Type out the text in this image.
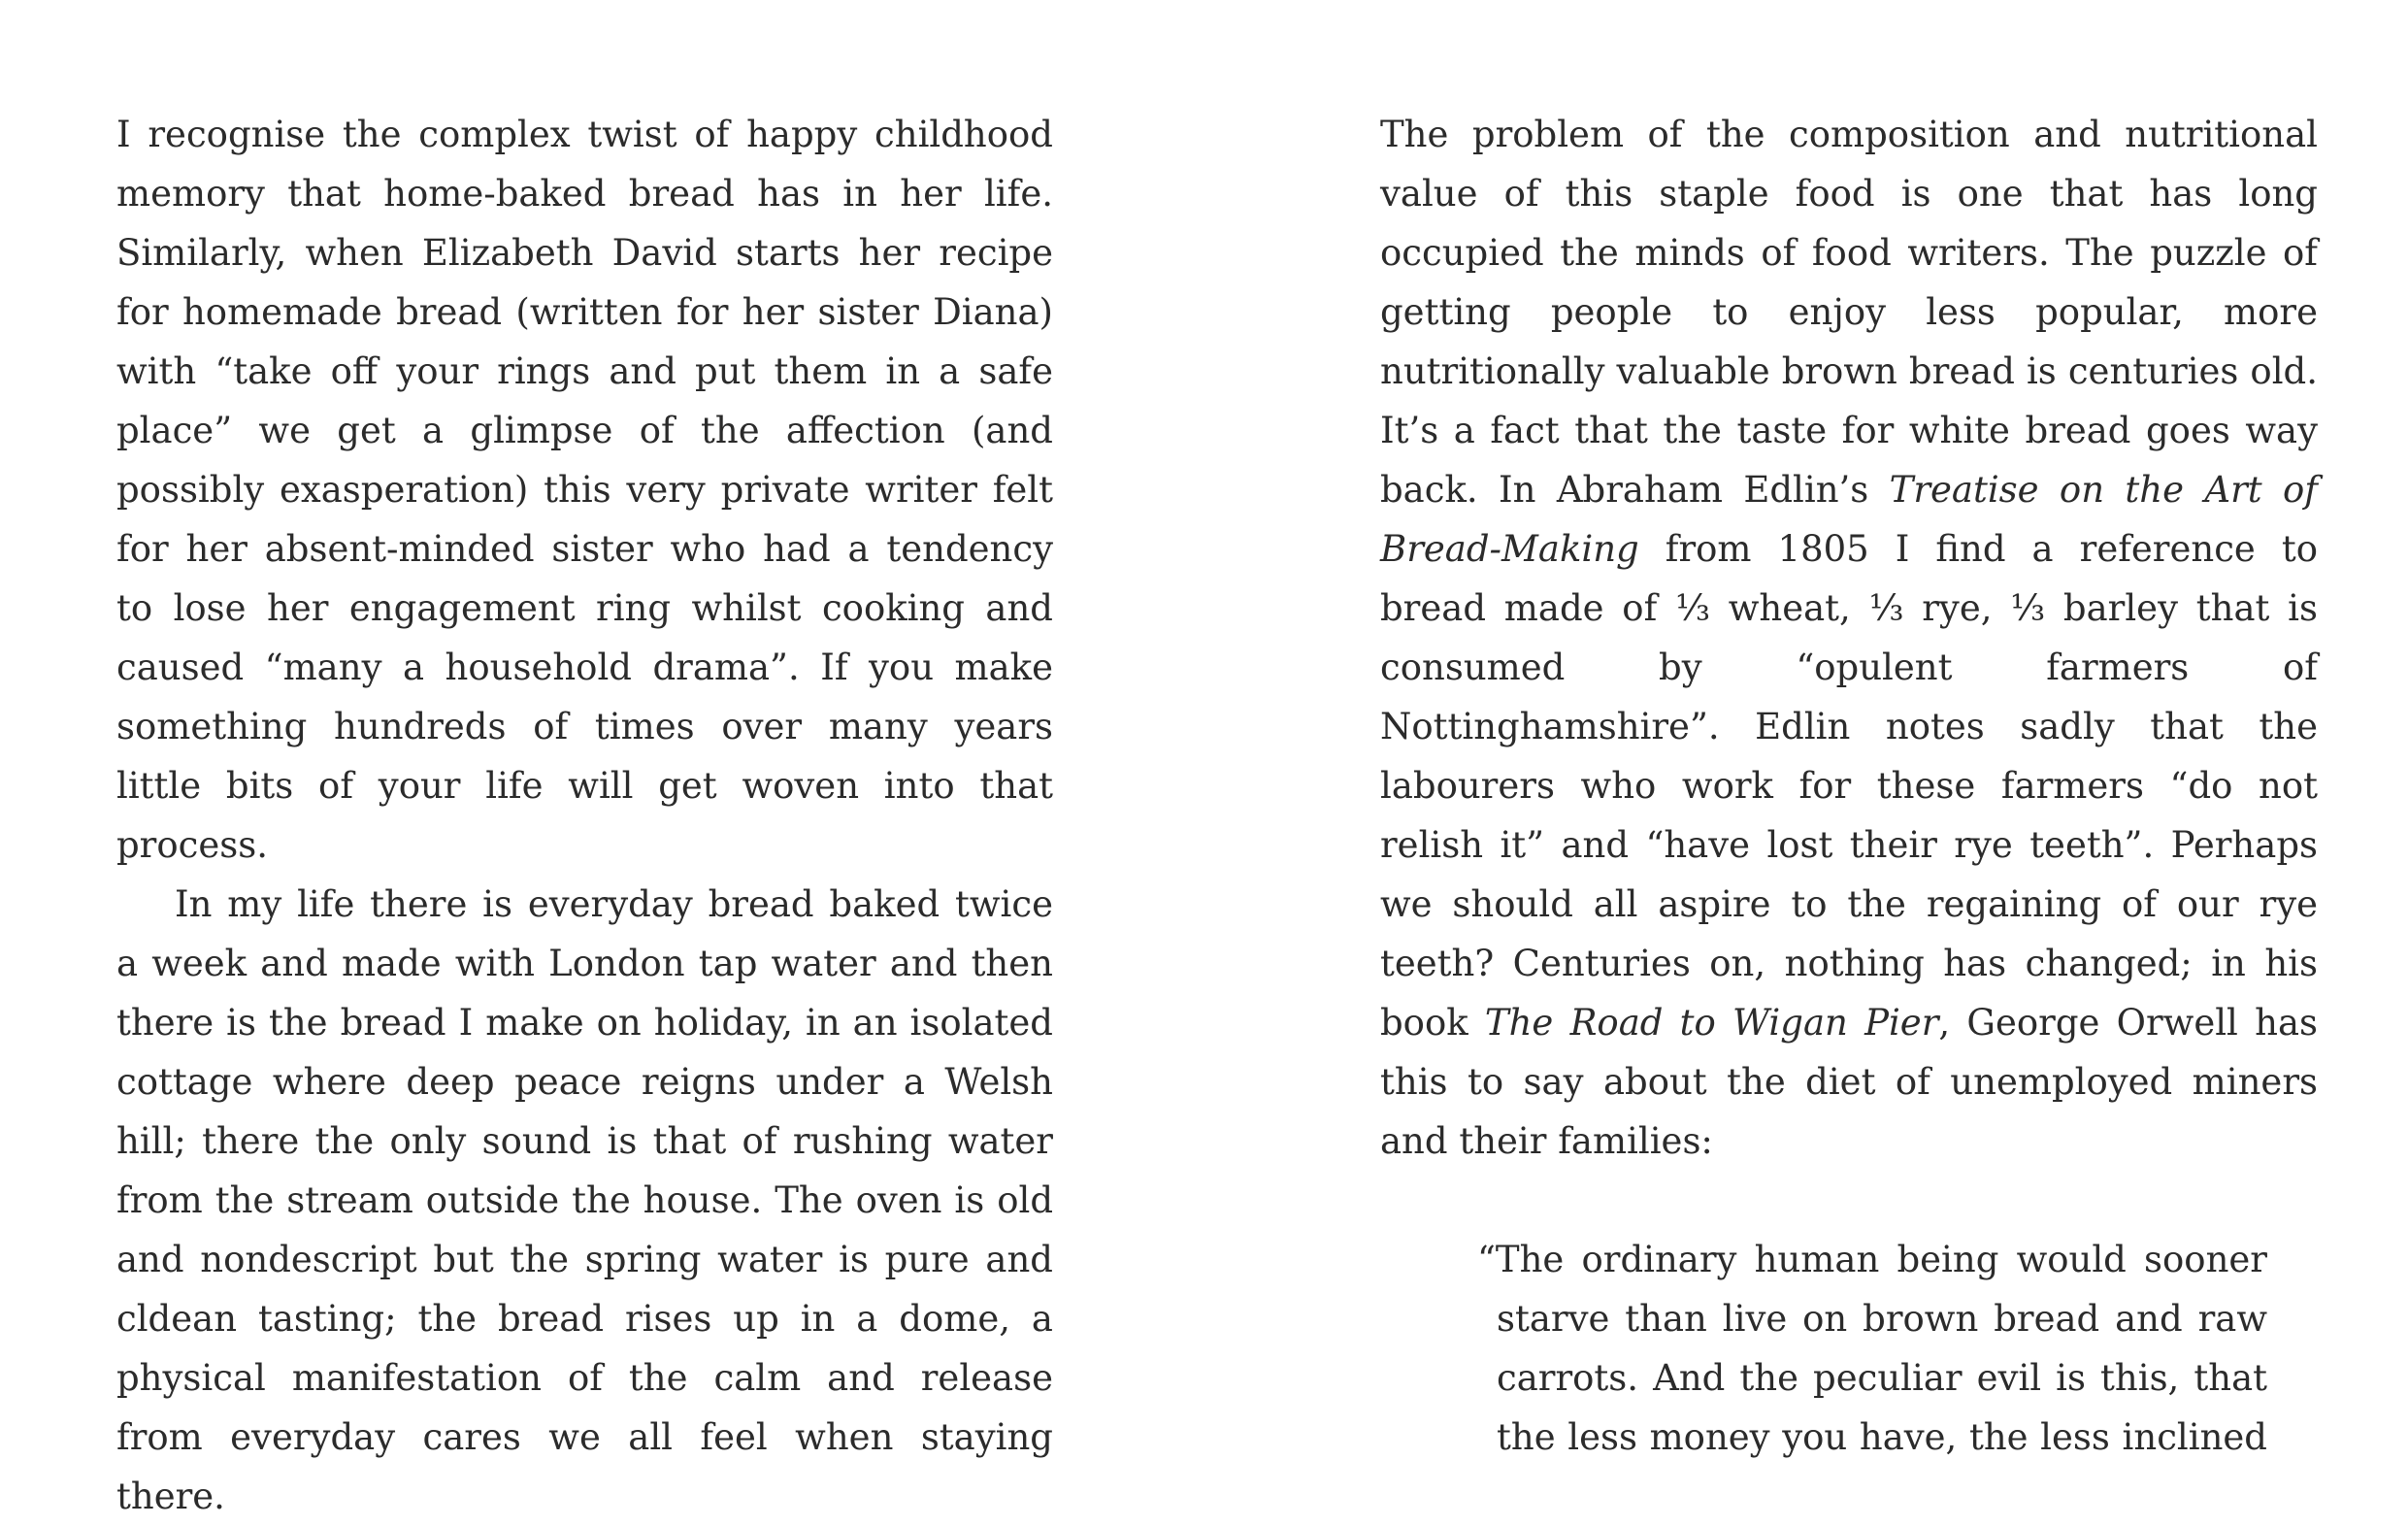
I recognise the complex twist of happy childhood memory that home-baked bread has in her life. Similarly, when Elizabeth David starts her recipe for homemade bread (written for her sister Diana) with “take off your rings and put them in a safe place” we get a glimpse of the affection (and possibly exasperation) this very private writer felt for her absent-minded sister who had a tendency to lose her engagement ring whilst cooking and caused “many a household drama”. If you make something hundreds of times over many years little bits of your life will get woven into that process.

In my life there is everyday bread baked twice a week and made with London tap water and then there is the bread I make on holiday, in an isolated cottage where deep peace reigns under a Welsh hill; there the only sound is that of rushing water from the stream outside the house. The oven is old and nondescript but the spring water is pure and cldean tasting; the bread rises up in a dome, a physical manifestation of the calm and release from everyday cares we all feel when staying there.

The problem of the composition and nutritional value of this staple food is one that has long occupied the minds of food writers. The puzzle of getting people to enjoy less popular, more nutritionally valuable brown bread is centuries old. It’s a fact that the taste for white bread goes way back. In Abraham Edlin’s Treatise on the Art of Bread-Making from 1805 I find a reference to bread made of ⅓ wheat, ⅓ rye, ⅓ barley that is consumed by “opulent farmers of Nottinghamshire”. Edlin notes sadly that the labourers who work for these farmers “do not relish it” and “have lost their rye teeth”. Perhaps we should all aspire to the regaining of our rye teeth? Centuries on, nothing has changed; in his book The Road to Wigan Pier, George Orwell has this to say about the diet of unemployed miners and their families:

“The ordinary human being would sooner starve than live on brown bread and raw carrots. And the peculiar evil is this, that the less money you have, the less inclined
